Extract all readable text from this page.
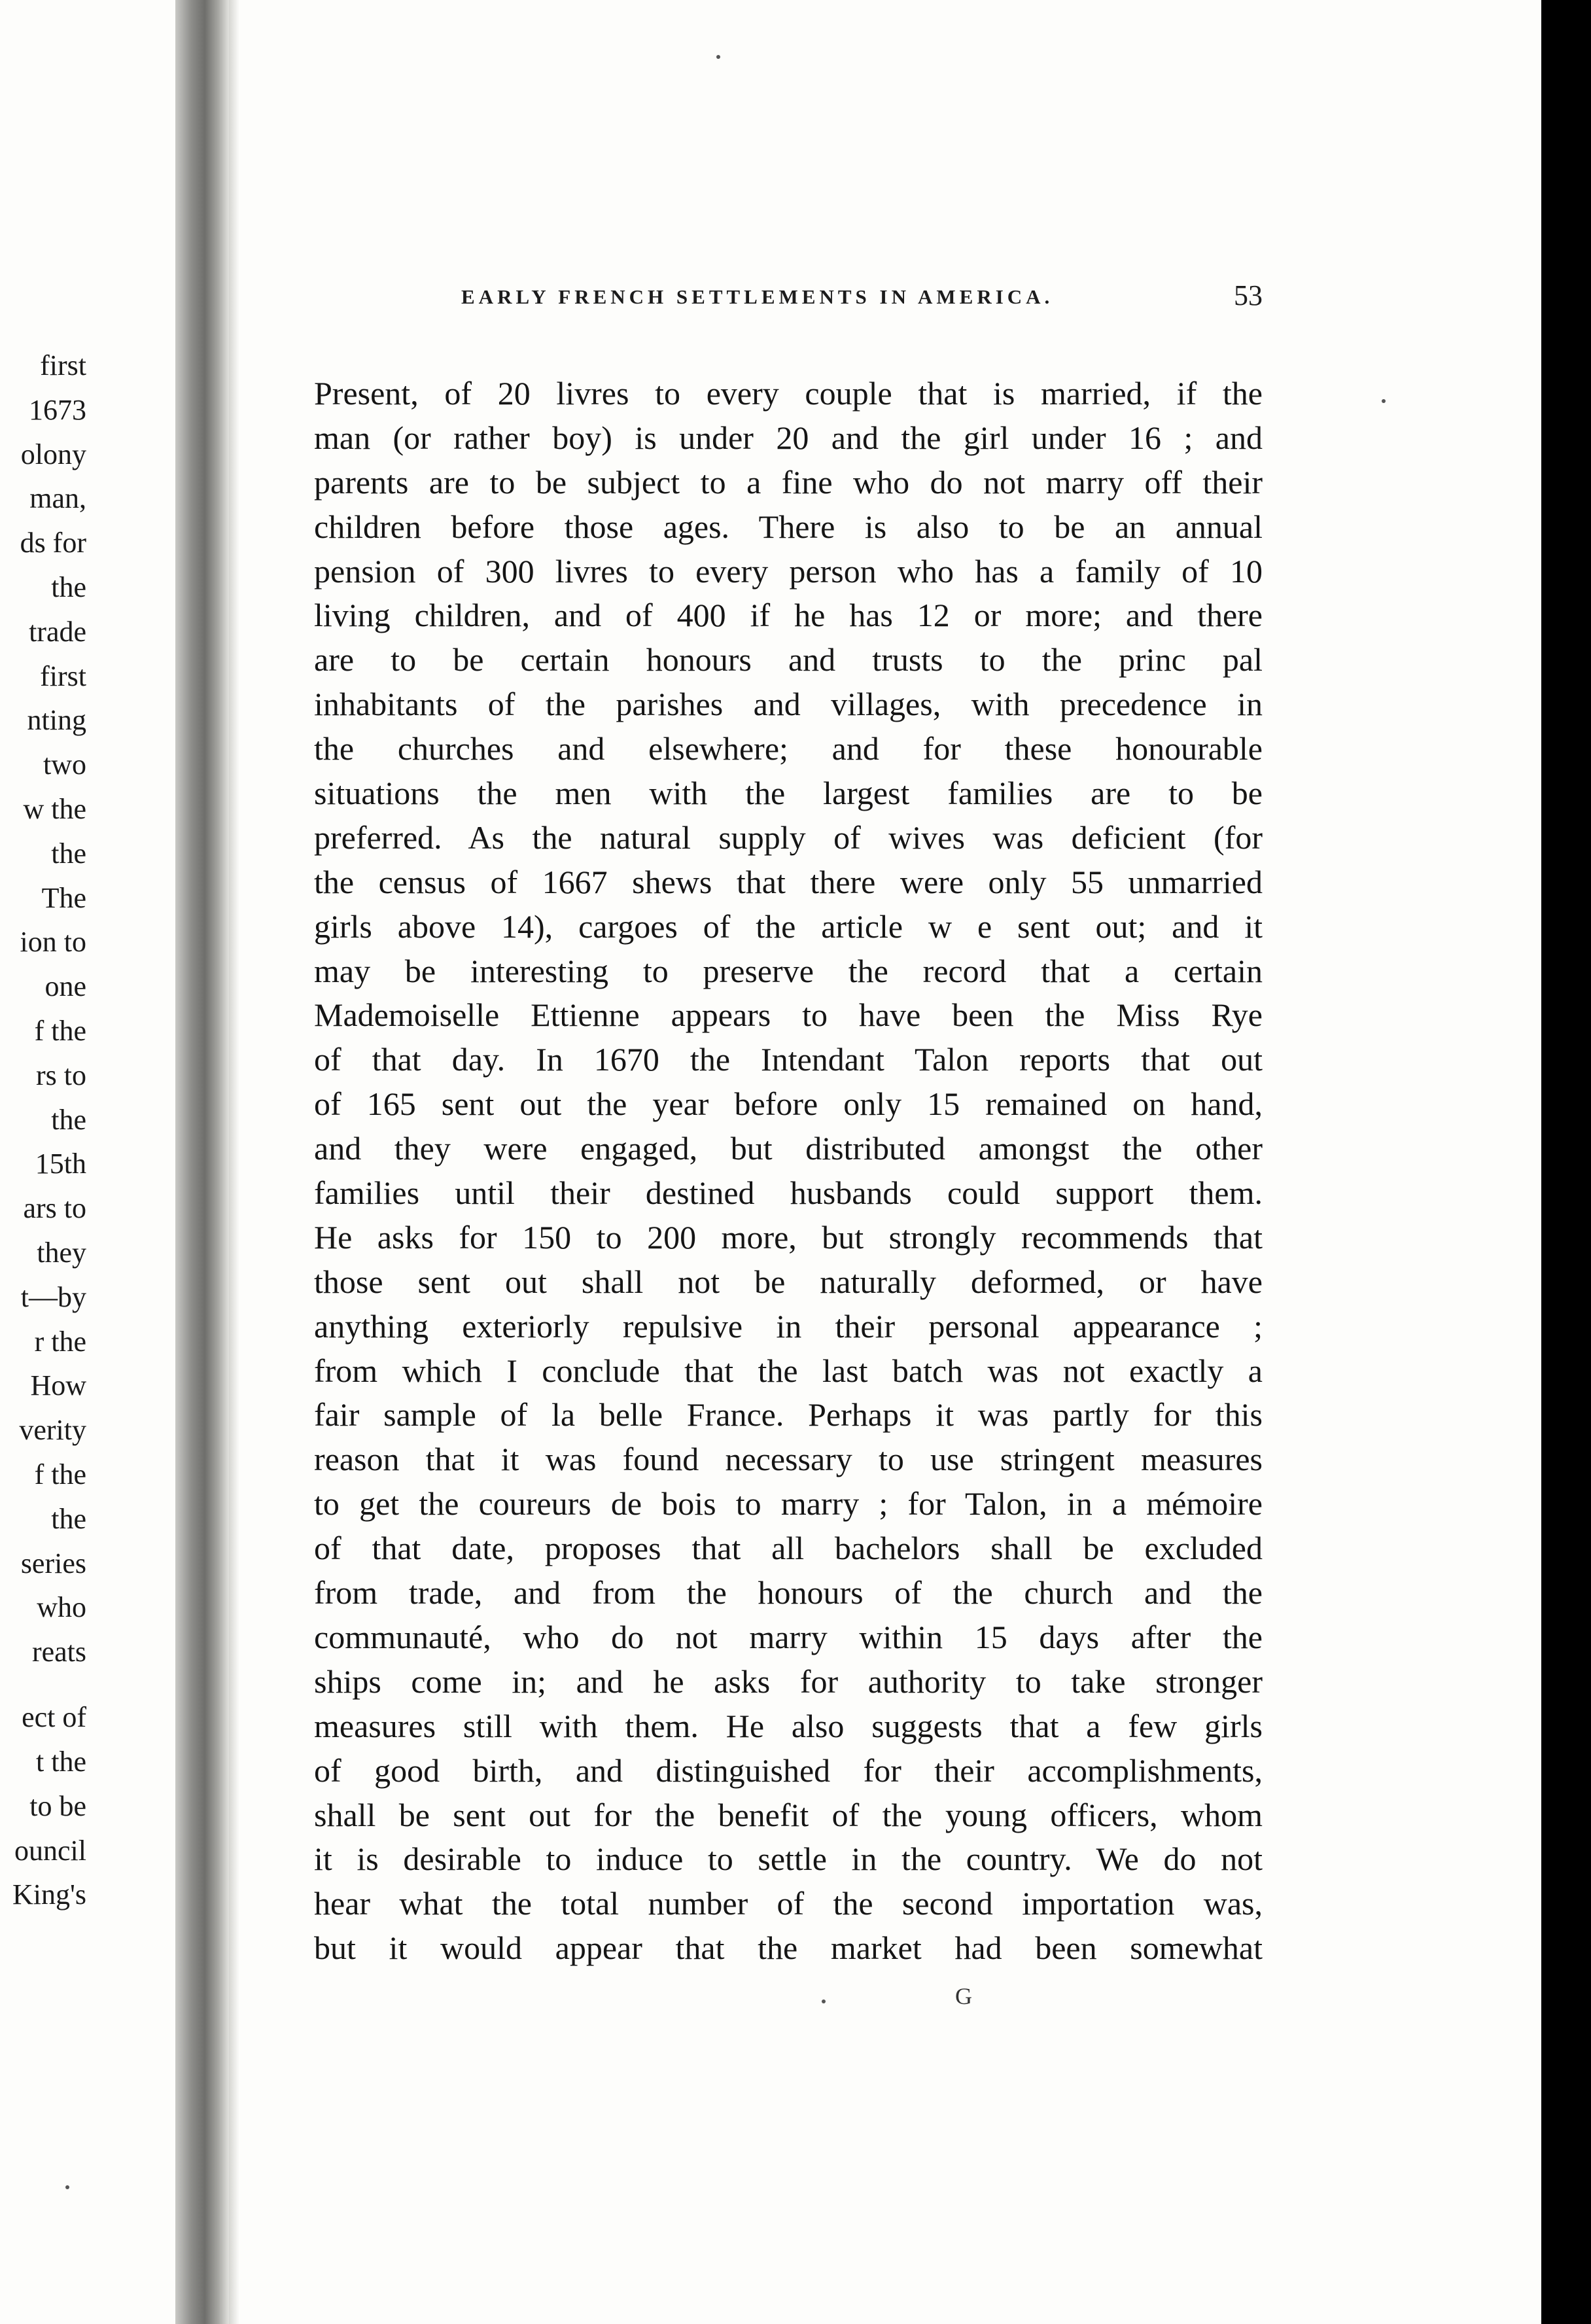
first
1673
olony
man,
ds for
the
trade
first
nting
two
w the
the
The
ion to
one
f the
rs to
the
15th
ars to
they
t—by
r the
How
verity
f the
the
series
who
reats
ect of
t the
to be
ouncil
King's
EARLY FRENCH SETTLEMENTS IN AMERICA.	53
Present, of 20 livres to every couple that is married, if the
man (or rather boy) is under 20 and the girl under 16 ; and
parents are to be subject to a fine who do not marry off their
children before those ages. There is also to be an annual
pension of 300 livres to every person who has a family of 10
living children, and of 400 if he has 12 or more; and there
are to be certain honours and trusts to the princ pal
inhabitants of the parishes and villages, with precedence in
the churches and elsewhere; and for these honourable
situations the men with the largest families are to be
preferred. As the natural supply of wives was deficient (for
the census of 1667 shews that there were only 55 unmarried
girls above 14), cargoes of the article w e sent out; and it
may be interesting to preserve the record that a certain
Mademoiselle Ettienne appears to have been the Miss Rye
of that day. In 1670 the Intendant Talon reports that out
of 165 sent out the year before only 15 remained on hand,
and they were engaged, but distributed amongst the other
families until their destined husbands could support them.
He asks for 150 to 200 more, but strongly recommends that
those sent out shall not be naturally deformed, or have
anything exteriorly repulsive in their personal appearance ;
from which I conclude that the last batch was not exactly a
fair sample of la belle France. Perhaps it was partly for this
reason that it was found necessary to use stringent measures
to get the coureurs de bois to marry ; for Talon, in a mémoire
of that date, proposes that all bachelors shall be excluded
from trade, and from the honours of the church and the
communauté, who do not marry within 15 days after the
ships come in; and he asks for authority to take stronger
measures still with them. He also suggests that a few girls
of good birth, and distinguished for their accomplishments,
shall be sent out for the benefit of the young officers, whom
it is desirable to induce to settle in the country. We do not
hear what the total number of the second importation was,
but it would appear that the market had been somewhat
G
